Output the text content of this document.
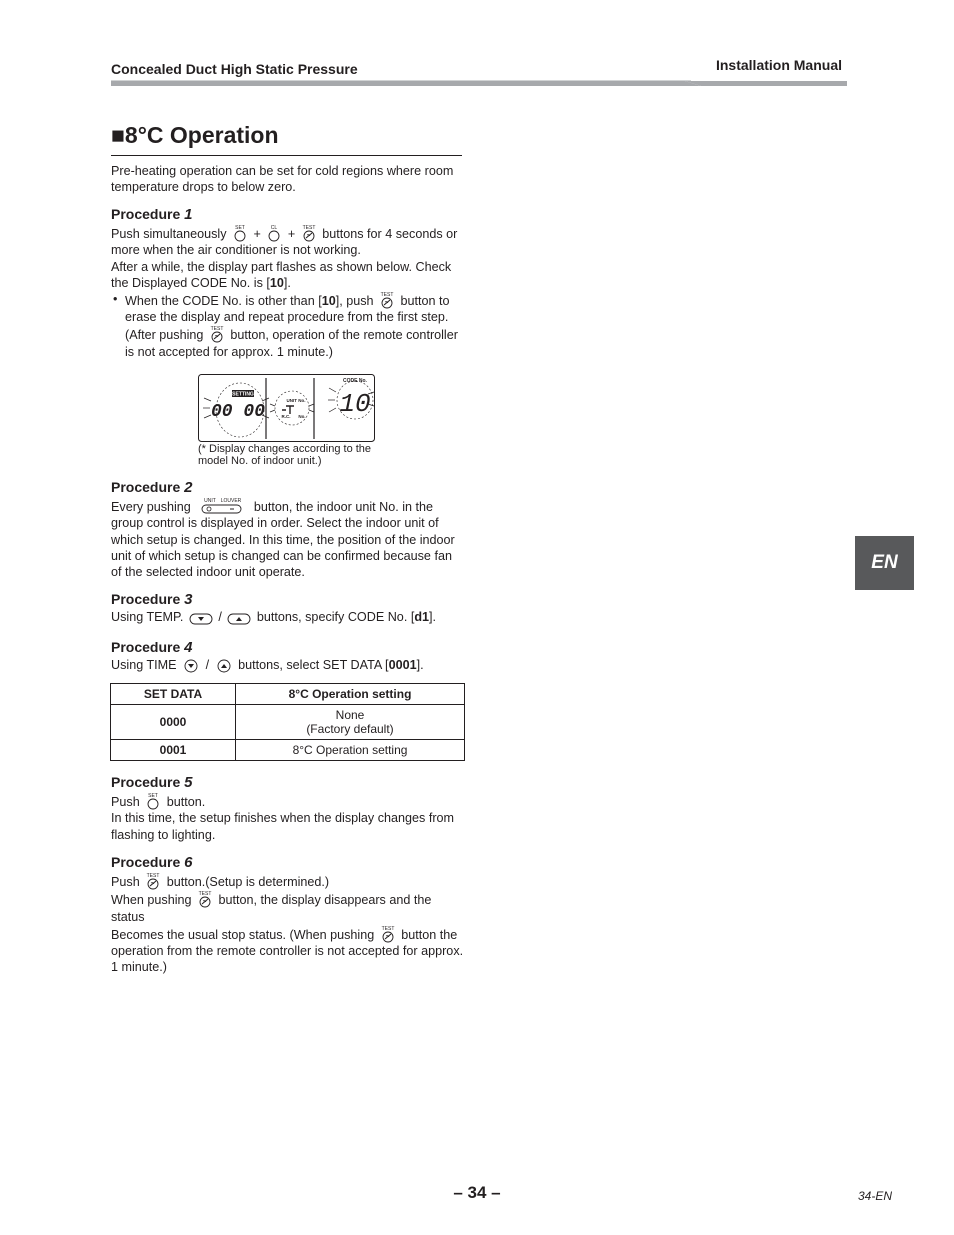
Concealed Duct High Static Pressure	Installation Manual
■8°C Operation

Pre-heating operation can be set for cold regions where room temperature drops to below zero.

Procedure 1

Push simultaneously SET + CL + TEST buttons for 4 seconds or more when the air conditioner is not working.

After a while, the display part flashes as shown below. Check the Displayed CODE No. is [10].

• When the CODE No. is other than [10], push TEST button to erase the display and repeat procedure from the first step. (After pushing TEST button, operation of the remote controller is not accepted for approx. 1 minute.)

SETTING
00 00
UNIT No.
R.C. No.
CODE No.
10
(* Display changes according to the model No. of indoor unit.)
Procedure 2

Every pushing	UNIT LOUVER button, the indoor unit No. in the group control is displayed in order. Select the indoor unit of which setup is changed. In this time, the position of the indoor unit of which setup is changed can be confirmed because fan of the selected indoor unit operate.

Procedure 3

Using TEMP.	/	buttons, specify CODE No. [d1].

Procedure 4

Using TIME / buttons, select SET DATA [0001].

SET DATA	8°C Operation setting
0000	None
(Factory default)
0001	8°C Operation setting
Procedure 5

Push SET button.

In this time, the setup finishes when the display changes from flashing to lighting.

Procedure 6

Push TEST button.(Setup is determined.)

When pushing TEST button, the display disappears and the status

Becomes the usual stop status. (When pushing TEST button the operation from the remote controller is not accepted for approx. 1 minute.)

EN
– 34 –	34-EN
